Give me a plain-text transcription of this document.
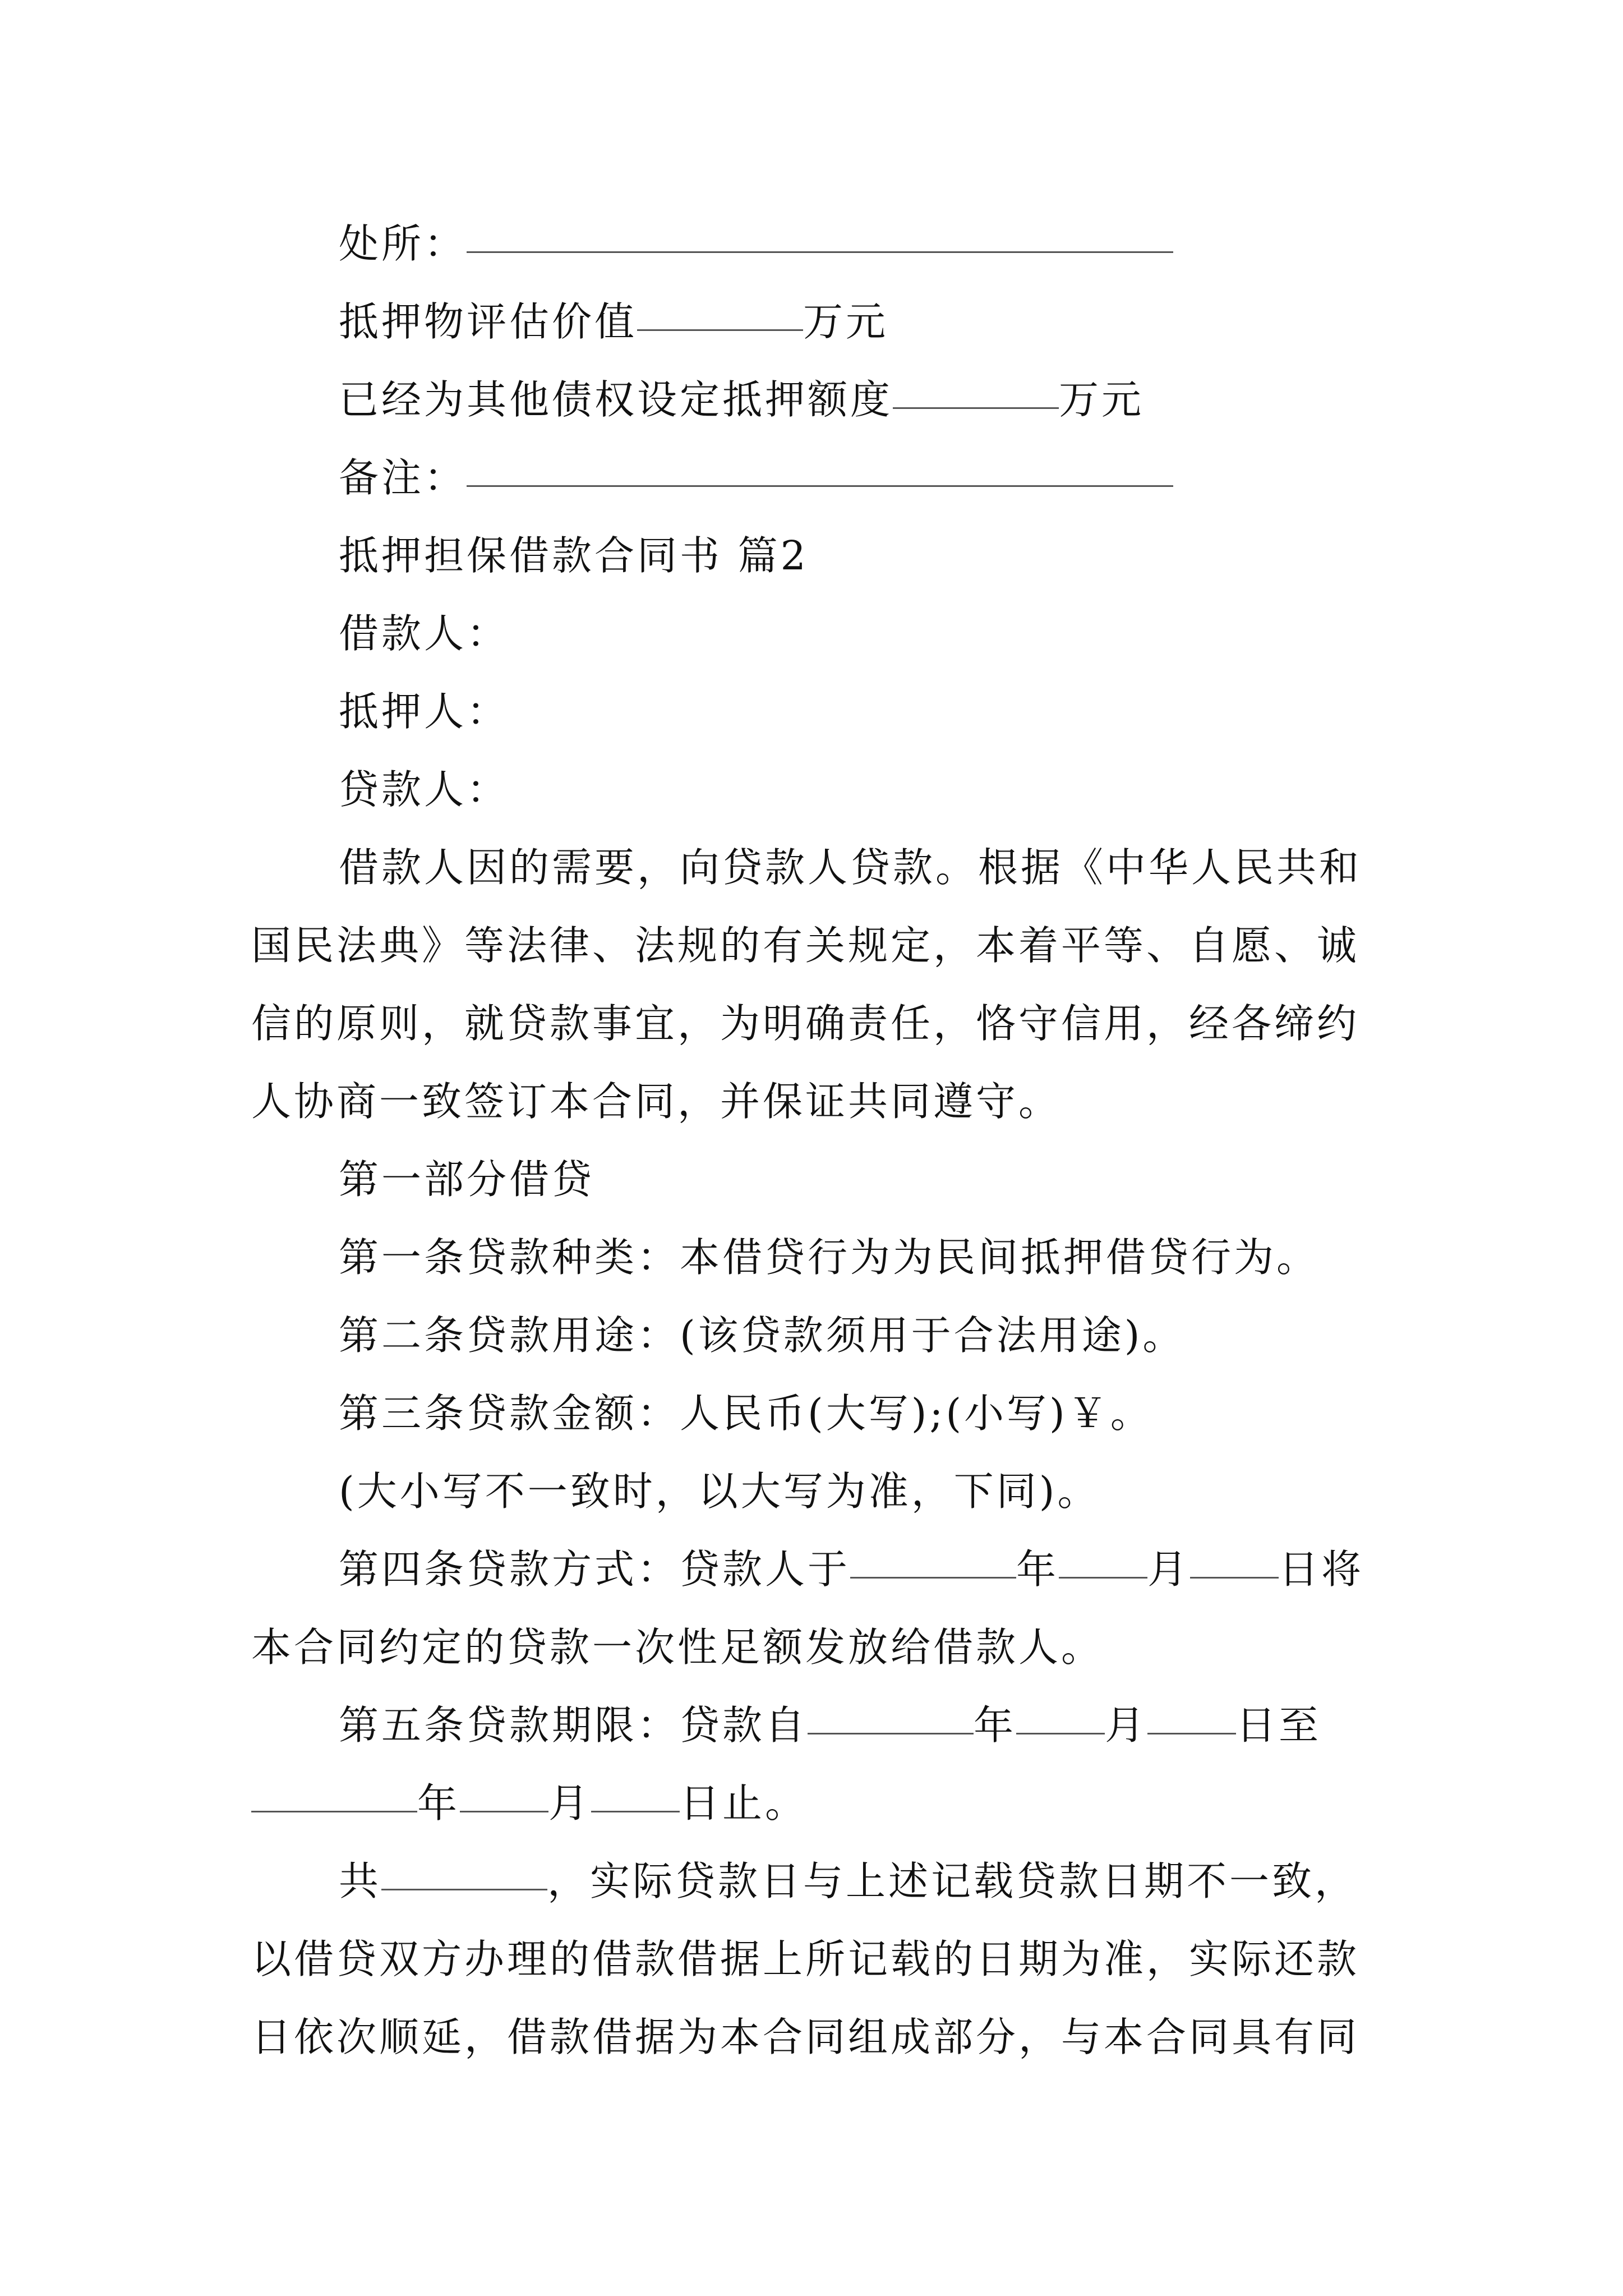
处所：
抵押物评估价值	万元
已经为其他债权设定抵押额度	万元
备注：
抵押担保借款合同书 篇2
借款人：
抵押人：
贷款人：
借款人因的需要，向贷款人贷款。根据《中华人民共和
国民法典》等法律、法规的有关规定，本着平等、自愿、诚
信的原则，就贷款事宜，为明确责任，恪守信用，经各缔约
人协商一致签订本合同，并保证共同遵守。
第一部分借贷
第一条贷款种类：本借贷行为为民间抵押借贷行为。
第二条贷款用途：(该贷款须用于合法用途)。
第三条贷款金额：人民币(大写);(小写)￥。
(大小写不一致时，以大写为准，下同)。
第四条贷款方式：贷款人于	年 月 日将
本合同约定的贷款一次性足额发放给借款人。
第五条贷款期限：贷款自	年 月 日至
年 月 日止。
共	，实际贷款日与上述记载贷款日期不一致，
以借贷双方办理的借款借据上所记载的日期为准，实际还款
日依次顺延，借款借据为本合同组成部分，与本合同具有同
